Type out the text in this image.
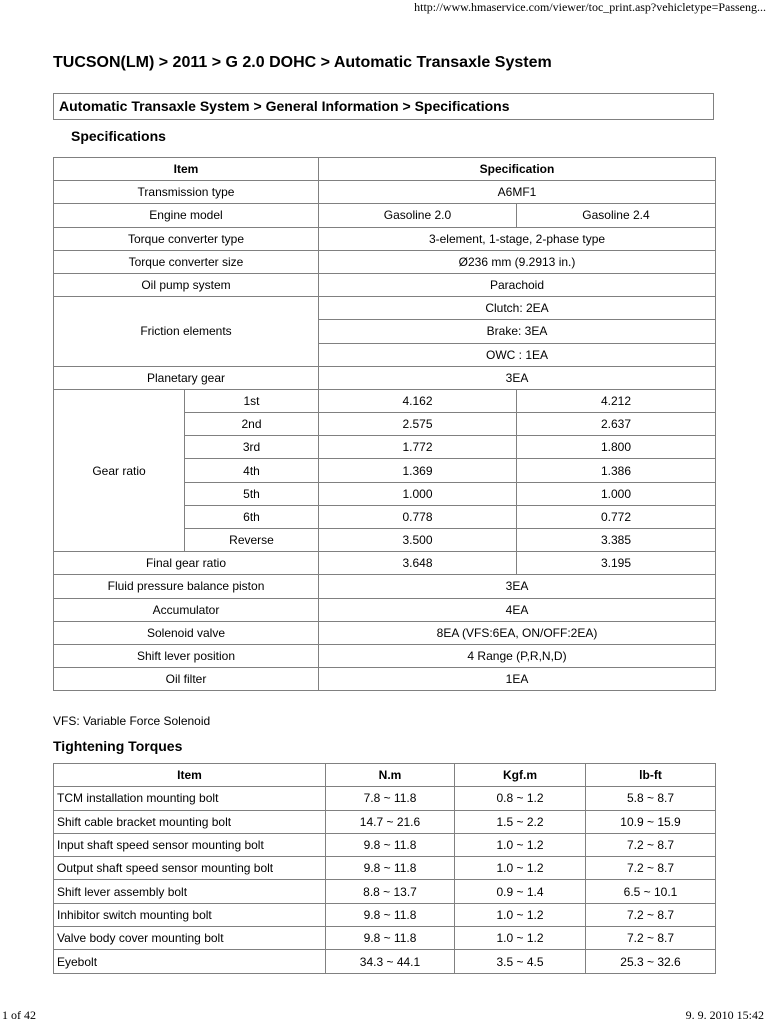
http://www.hmaservice.com/viewer/toc_print.asp?vehicletype=Passeng...
TUCSON(LM) > 2011 > G 2.0 DOHC > Automatic Transaxle System
Automatic Transaxle System > General Information > Specifications
Specifications
Item		Specification	
Transmission type		A6MF1	
Engine model		Gasoline 2.0	Gasoline 2.4
Torque converter type		3-element, 1-stage, 2-phase type	
Torque converter size		Ø236 mm (9.2913 in.)	
Oil pump system		Parachoid	
Friction elements		Clutch: 2EA	
		Brake: 3EA	
		OWC : 1EA	
Planetary gear		3EA	
Gear ratio	1st	4.162	4.212
	2nd	2.575	2.637
	3rd	1.772	1.800
	4th	1.369	1.386
	5th	1.000	1.000
	6th	0.778	0.772
	Reverse	3.500	3.385
Final gear ratio		3.648	3.195
Fluid pressure balance piston		3EA	
Accumulator		4EA	
Solenoid valve		8EA (VFS:6EA, ON/OFF:2EA)	
Shift lever position		4 Range (P,R,N,D)	
Oil filter		1EA	
VFS: Variable Force Solenoid
Tightening Torques
Item	N.m	Kgf.m	lb-ft
TCM installation mounting bolt	7.8 ~ 11.8	0.8 ~ 1.2	5.8 ~ 8.7
Shift cable bracket mounting bolt	14.7 ~ 21.6	1.5 ~ 2.2	10.9 ~ 15.9
Input shaft speed sensor mounting bolt	9.8 ~ 11.8	1.0 ~ 1.2	7.2 ~ 8.7
Output shaft speed sensor mounting bolt	9.8 ~ 11.8	1.0 ~ 1.2	7.2 ~ 8.7
Shift lever assembly bolt	8.8 ~ 13.7	0.9 ~ 1.4	6.5 ~ 10.1
Inhibitor switch mounting bolt	9.8 ~ 11.8	1.0 ~ 1.2	7.2 ~ 8.7
Valve body cover mounting bolt	9.8 ~ 11.8	1.0 ~ 1.2	7.2 ~ 8.7
Eyebolt	34.3 ~ 44.1	3.5 ~ 4.5	25.3 ~ 32.6
1 of 42	9. 9. 2010 15:42
